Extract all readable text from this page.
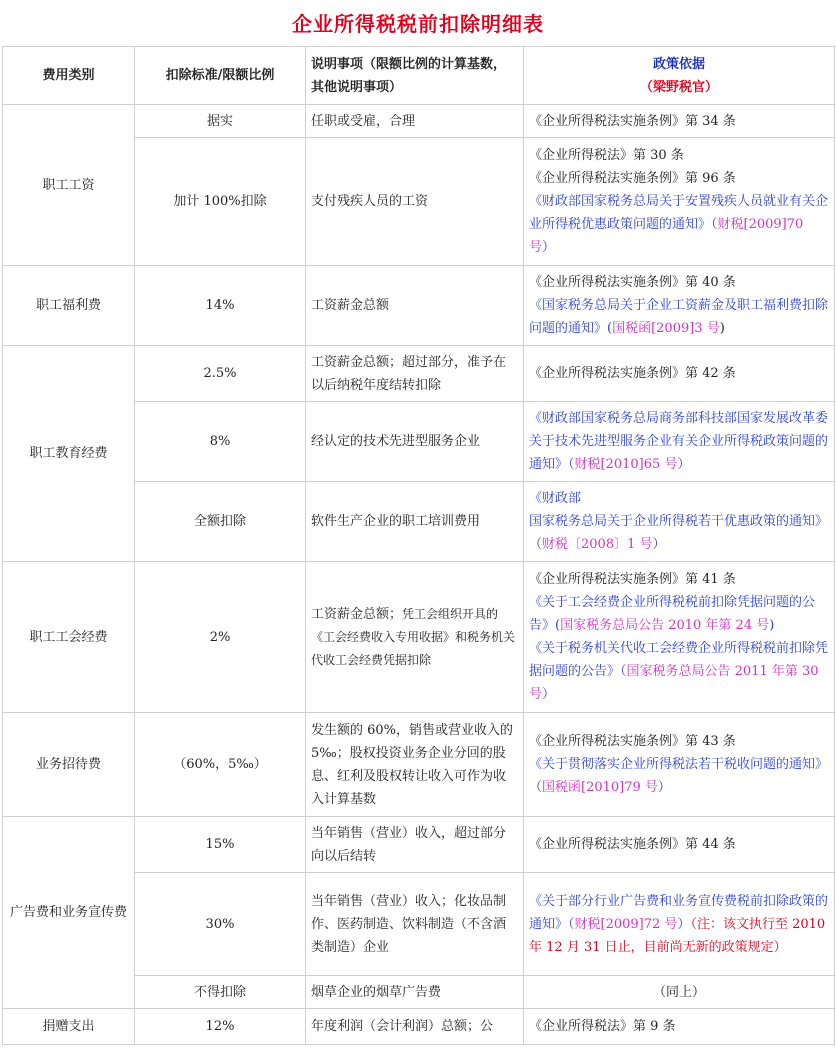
企业所得税税前扣除明细表
费用类别	扣除标准/限额比例	说明事项（限额比例的计算基数，其他说明事项）	政策依据
（梁野税官）

职工工资	据实	任职或受雇，合理	《企业所得税法实施条例》第 34 条
	加计 100%扣除	支付残疾人员的工资	《企业所得税法》第 30 条
《企业所得税法实施条例》第 96 条
《财政部国家税务总局关于安置残疾人员就业有关企业所得税优惠政策问题的通知》（财税[2009]70 号）
职工福利费	14%	工资薪金总额	《企业所得税法实施条例》第 40 条
《国家税务总局关于企业工资薪金及职工福利费扣除问题的通知》(国税函[2009]3 号)
职工教育经费	2.5%	工资薪金总额；超过部分，准予在以后纳税年度结转扣除	《企业所得税法实施条例》第 42 条
	8%	经认定的技术先进型服务企业	《财政部国家税务总局商务部科技部国家发展改革委关于技术先进型服务企业有关企业所得税政策问题的通知》（财税[2010]65 号）
	全额扣除	软件生产企业的职工培训费用	《财政部
国家税务总局关于企业所得税若干优惠政策的通知》（财税〔2008〕1 号）
职工工会经费	2%	工资薪金总额；凭工会组织开具的《工会经费收入专用收据》和税务机关代收工会经费凭据扣除	《企业所得税法实施条例》第 41 条
《关于工会经费企业所得税税前扣除凭据问题的公告》(国家税务总局公告 2010 年第 24 号)
《关于税务机关代收工会经费企业所得税税前扣除凭据问题的公告》（国家税务总局公告 2011 年第 30 号）

业务招待费	（60%，5‰）	发生额的 60%，销售或营业收入的 5‰；股权投资业务企业分回的股息、红利及股权转让收入可作为收入计算基数	《企业所得税法实施条例》第 43 条
《关于贯彻落实企业所得税法若干税收问题的通知》（国税函[2010]79 号）
广告费和业务宣传费	15%	当年销售（营业）收入，超过部分向以后结转	《企业所得税法实施条例》第 44 条
	30%	当年销售（营业）收入；化妆品制作、医药制造、饮料制造（不含酒类制造）企业	《关于部分行业广告费和业务宣传费税前扣除政策的通知》（财税[2009]72 号）（注：该文执行至 2010 年 12 月 31 日止，目前尚无新的政策规定）
	不得扣除	烟草企业的烟草广告费	（同上）

捐赠支出	12%	年度利润（会计利润）总额；公	《企业所得税法》第 9 条
